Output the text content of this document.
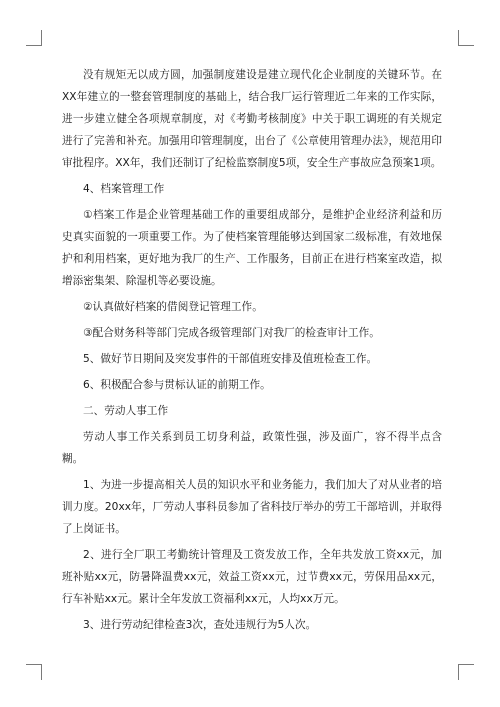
没有规矩无以成方圆，加强制度建设是建立现代化企业制度的关键环节。在XX年建立的一整套管理制度的基础上，结合我厂运行管理近二年来的工作实际，进一步建立健全各项规章制度，对《考勤考核制度》中关于职工调班的有关规定进行了完善和补充。加强用印管理制度，出台了《公章使用管理办法》，规范用印审批程序。XX年，我们还制订了纪检监察制度5项，安全生产事故应急预案1项。

4、档案管理工作

①档案工作是企业管理基础工作的重要组成部分，是维护企业经济利益和历史真实面貌的一项重要工作。为了使档案管理能够达到国家二级标准，有效地保护和利用档案，更好地为我厂的生产、工作服务，目前正在进行档案室改造，拟增添密集架、除湿机等必要设施。

②认真做好档案的借阅登记管理工作。

③配合财务科等部门完成各级管理部门对我厂的检查审计工作。

5、做好节日期间及突发事件的干部值班安排及值班检查工作。

6、积极配合参与贯标认证的前期工作。

二、劳动人事工作

劳动人事工作关系到员工切身利益，政策性强，涉及面广，容不得半点含糊。

1、为进一步提高相关人员的知识水平和业务能力，我们加大了对从业者的培训力度。20xx年，厂劳动人事科员参加了省科技厅举办的劳工干部培训，并取得了上岗证书。

2、进行全厂职工考勤统计管理及工资发放工作，全年共发放工资xx元，加班补贴xx元，防暑降温费xx元，效益工资xx元，过节费xx元，劳保用品xx元，行车补贴xx元。累计全年发放工资福利xx元，人均xx万元。

3、进行劳动纪律检查3次，查处违规行为5人次。
